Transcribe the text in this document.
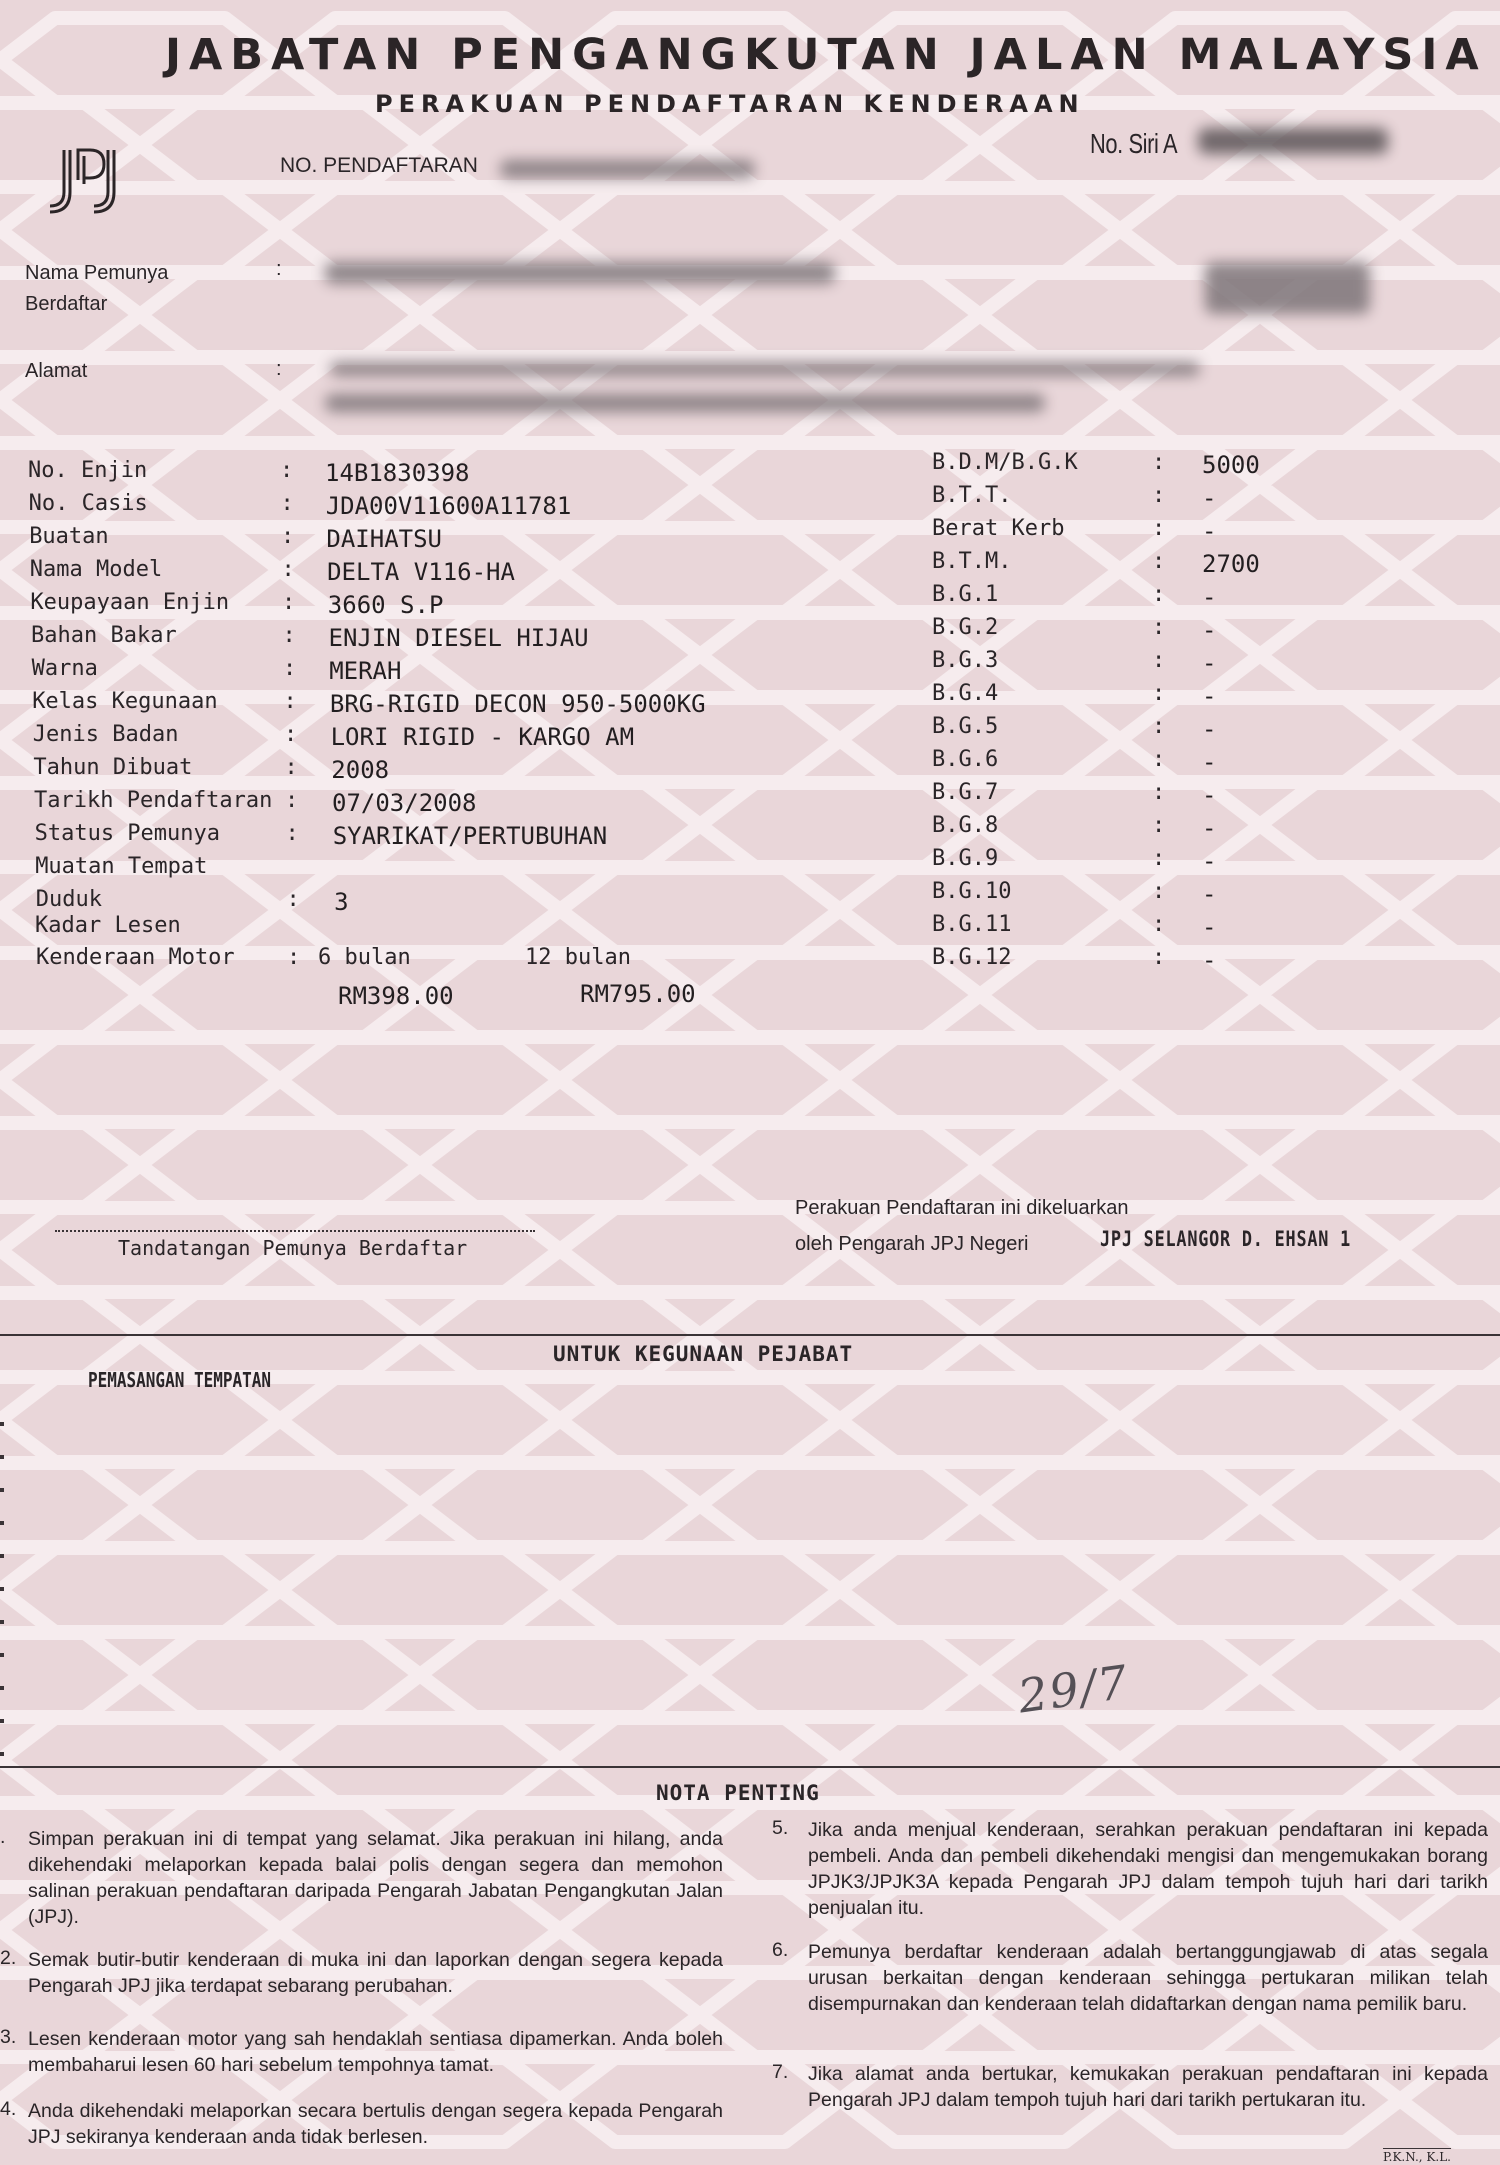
JABATAN PENGANGKUTAN JALAN MALAYSIA
PERAKUAN PENDAFTARAN KENDERAAN
NO. PENDAFTARAN
No. Siri A
Nama Pemunya
Berdaftar
:
Alamat	:
No. Enjin	: 14B1830398
No. Casis	: JDA00V11600A11781
Buatan	: DAIHATSU
Nama Model	: DELTA V116-HA
Keupayaan Enjin : 3660 S.P
Bahan Bakar	: ENJIN DIESEL HIJAU
Warna	: MERAH
Kelas Kegunaan	: BRG-RIGID DECON 950-5000KG
Jenis Badan	: LORI RIGID - KARGO AM
Tahun Dibuat	: 2008
Tarikh Pendaftaran : 07/03/2008
Status Pemunya	: SYARIKAT/PERTUBUHAN
Muatan Tempat
Duduk	: 3
Kadar Lesen
Kenderaan Motor : 6 bulan	12 bulan
RM398.00	RM795.00
B.D.M/B.G.K	: 5000
B.T.T.	: -
Berat Kerb	: -
B.T.M.	: 2700
B.G.1	: -
B.G.2	: -
B.G.3	: -
B.G.4	: -
B.G.5	: -
B.G.6	: -
B.G.7	: -
B.G.8	: -
B.G.9	: -
B.G.10	: -
B.G.11	: -
B.G.12	: -
Tandatangan Pemunya Berdaftar
Perakuan Pendaftaran ini dikeluarkan
oleh Pengarah JPJ Negeri	JPJ SELANGOR D. EHSAN 1
UNTUK KEGUNAAN PEJABAT
PEMASANGAN TEMPATAN
29/7
NOTA PENTING
. Simpan perakuan ini di tempat yang selamat. Jika perakuan ini hilang, anda dikehendaki melaporkan kepada balai polis dengan segera dan memohon salinan perakuan pendaftaran daripada Pengarah Jabatan Pengangkutan Jalan (JPJ).
2. Semak butir-butir kenderaan di muka ini dan laporkan dengan segera kepada Pengarah JPJ jika terdapat sebarang perubahan.
3. Lesen kenderaan motor yang sah hendaklah sentiasa dipamerkan. Anda boleh membaharui lesen 60 hari sebelum tempohnya tamat.
4. Anda dikehendaki melaporkan secara bertulis dengan segera kepada Pengarah JPJ sekiranya kenderaan anda tidak berlesen.
5. Jika anda menjual kenderaan, serahkan perakuan pendaftaran ini kepada pembeli. Anda dan pembeli dikehendaki mengisi dan mengemukakan borang JPJK3/JPJK3A kepada Pengarah JPJ dalam tempoh tujuh hari dari tarikh penjualan itu.
6. Pemunya berdaftar kenderaan adalah bertanggungjawab di atas segala urusan berkaitan dengan kenderaan sehingga pertukaran milikan telah disempurnakan dan kenderaan telah didaftarkan dengan nama pemilik baru.
7. Jika alamat anda bertukar, kemukakan perakuan pendaftaran ini kepada Pengarah JPJ dalam tempoh tujuh hari dari tarikh pertukaran itu.
P.K.N., K.L.
